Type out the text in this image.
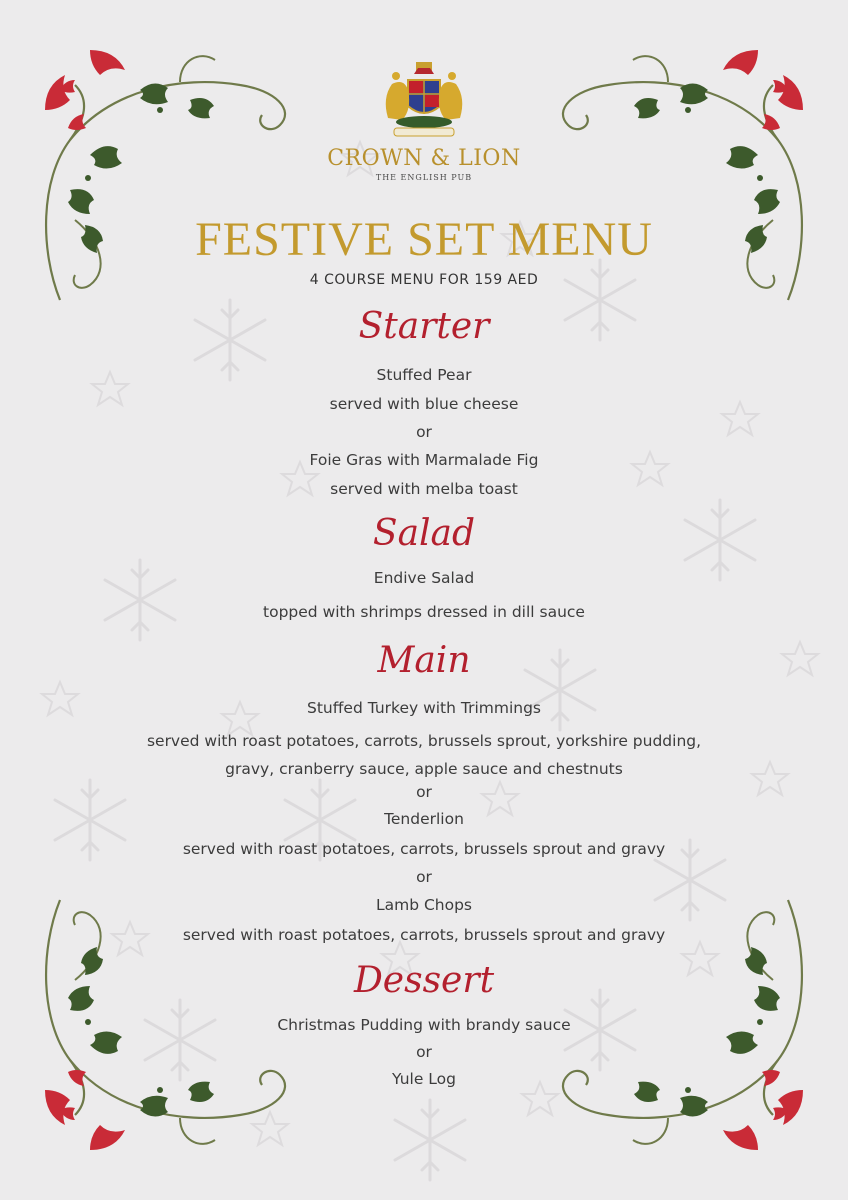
CROWN & LION
THE ENGLISH PUB
FESTIVE SET MENU
4 COURSE MENU FOR 159 AED
Starter
Stuffed Pear
served with blue cheese
or
Foie Gras with Marmalade Fig
served with melba toast
Salad
Endive Salad
topped with shrimps dressed in dill sauce
Main
Stuffed Turkey with Trimmings
served with roast potatoes, carrots, brussels sprout, yorkshire pudding,
gravy, cranberry sauce, apple sauce and chestnuts
or
Tenderlion
served with roast potatoes, carrots, brussels sprout and gravy
or
Lamb Chops
served with roast potatoes, carrots, brussels sprout and gravy
Dessert
Christmas Pudding with brandy sauce
or
Yule Log
